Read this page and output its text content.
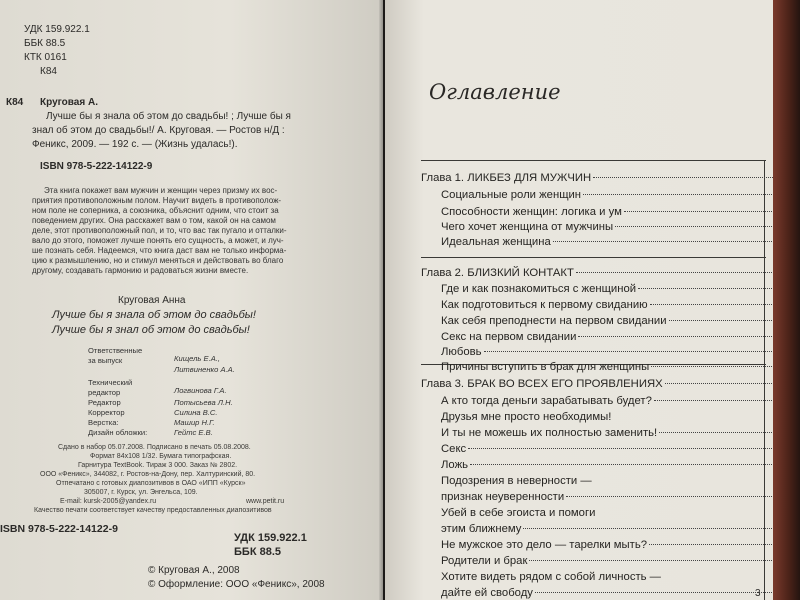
УДК 159.922.1
ББК 88.5
КТК 0161
К84
К84 Круговая А.
Лучше бы я знала об этом до свадьбы! ; Лучше бы я
знал об этом до свадьбы!/ А. Круговая. — Ростов н/Д :
Феникс, 2009. — 192 с. — (Жизнь удалась!).
ISBN 978-5-222-14122-9

Эта книга покажет вам мужчин и женщин через призму их вос-

приятия противоположным полом. Научит видеть в противополож-

ном поле не соперника, а союзника, объяснит одним, что стоит за

поведением других. Она расскажет вам о том, какой он на самом

деле, этот противоположный пол, и то, что вас так пугало и отталки-

вало до этого, поможет лучше понять его сущность, а может, и луч-

ше познать себя. Надеемся, что книга даст вам не только информа-

цию к размышлению, но и стимул меняться и действовать во благо

другому, создавать гармонию и радоваться жизни вместе.

Круговая Анна
Лучше бы я знала об этом до свадьбы!
Лучше бы я знал об этом до свадьбы!
Ответственные
за выпуск	Кищель Е.А.,
Литвиненко А.А.
Технический
редактор	Логвинова Г.А.
Редактор	Потысьева Л.Н.
Корректор	Силина В.С.
Верстка:	Машир Н.Г.
Дизайн обложки:	Гейтс Е.В.
Сдано в набор 05.07.2008. Подписано в печать 05.08.2008.
Формат 84х108 1/32. Бумага типографская.
Гарнитура TextBook. Тираж 3 000. Заказ № 2802.
ООО «Феникс», 344082, г. Ростов-на-Дону, пер. Халтуринский, 80.
Отпечатано с готовых диапозитивов в ОАО «ИПП «Курск»
305007, г. Курск, ул. Энгельса, 109.
E-mail: kursk-2005@yandex.ru	www.petit.ru
Качество печати соответствует качеству предоставленных диапозитивов
ISBN 978-5-222-14122-9
УДК 159.922.1
ББК 88.5
© Круговая А., 2008
© Оформление: ООО «Феникс», 2008
Оглавление
Глава 1. ЛИКБЕЗ ДЛЯ МУЖЧИН
Социальные роли женщин
Способности женщин: логика и ум
Чего хочет женщина от мужчины
Идеальная женщина
Глава 2. БЛИЗКИЙ КОНТАКТ
Где и как познакомиться с женщиной
Как подготовиться к первому свиданию
Как себя преподнести на первом свидании
Секс на первом свидании
Любовь
Причины вступить в брак для женщины
Глава 3. БРАК ВО ВСЕХ ЕГО ПРОЯВЛЕНИЯХ
А кто тогда деньги зарабатывать будет?
Друзья мне просто необходимы!
И ты не можешь их полностью заменить!
Секс
Ложь
Подозрения в неверности —
признак неуверенности
Убей в себе эгоиста и помоги
этим ближнему
Не мужское это дело — тарелки мыть?
Родители и брак
Хотите видеть рядом с собой личность —
дайте ей свободу	3
